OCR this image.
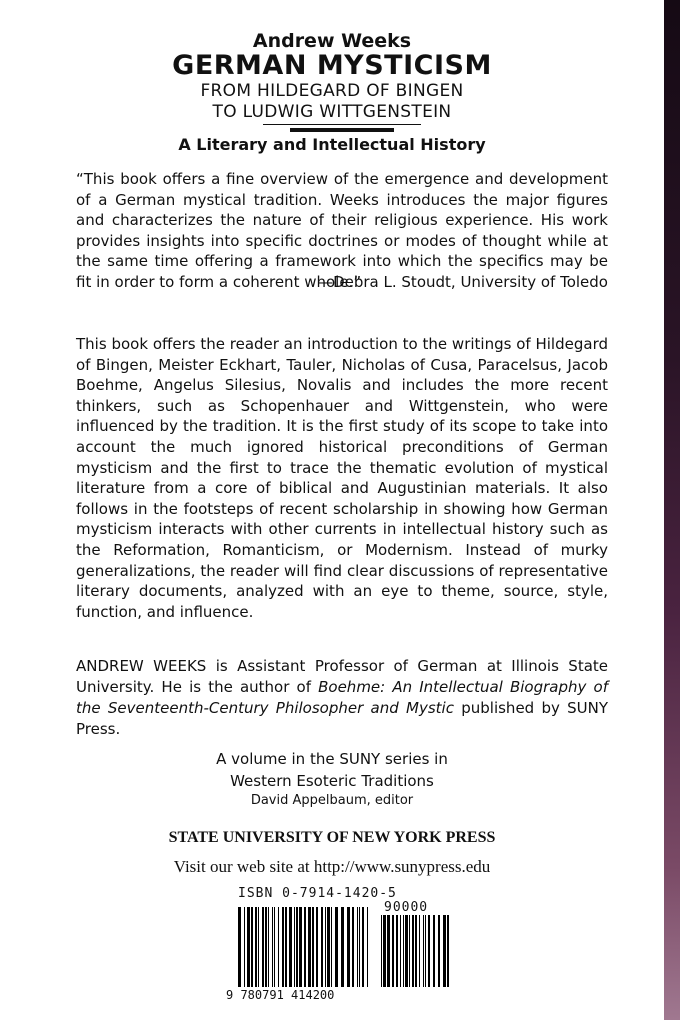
Andrew Weeks
GERMAN MYSTICISM
FROM HILDEGARD OF BINGEN
TO LUDWIG WITTGENSTEIN
A Literary and Intellectual History

“This book offers a fine overview of the emergence and development of a German mystical tradition. Weeks introduces the major figures and characterizes the nature of their religious experience. His work provides insights into specific doctrines or modes of thought while at the same time offering a framework into which the specifics may be fit in order to form a coherent whole.”
—Debra L. Stoudt, University of Toledo

This book offers the reader an introduction to the writings of Hildegard of Bingen, Meister Eckhart, Tauler, Nicholas of Cusa, Paracelsus, Jacob Boehme, Angelus Silesius, Novalis and includes the more recent thinkers, such as Schopenhauer and Wittgenstein, who were influenced by the tradition. It is the first study of its scope to take into account the much ignored historical preconditions of German mysticism and the first to trace the thematic evolution of mystical literature from a core of biblical and Augustinian materials. It also follows in the footsteps of recent scholarship in showing how German mysticism interacts with other currents in intellectual history such as the Reformation, Romanticism, or Modernism. Instead of murky generalizations, the reader will find clear discussions of representative literary documents, analyzed with an eye to theme, source, style, function, and influence.

ANDREW WEEKS is Assistant Professor of German at Illinois State University. He is the author of Boehme: An Intellectual Biography of the Seventeenth-Century Philosopher and Mystic published by SUNY Press.

A volume in the SUNY series in
Western Esoteric Traditions
David Appelbaum, editor
STATE UNIVERSITY OF NEW YORK PRESS
Visit our web site at http://www.sunypress.edu
ISBN 0-7914-1420-5
90000
9 780791 414200
